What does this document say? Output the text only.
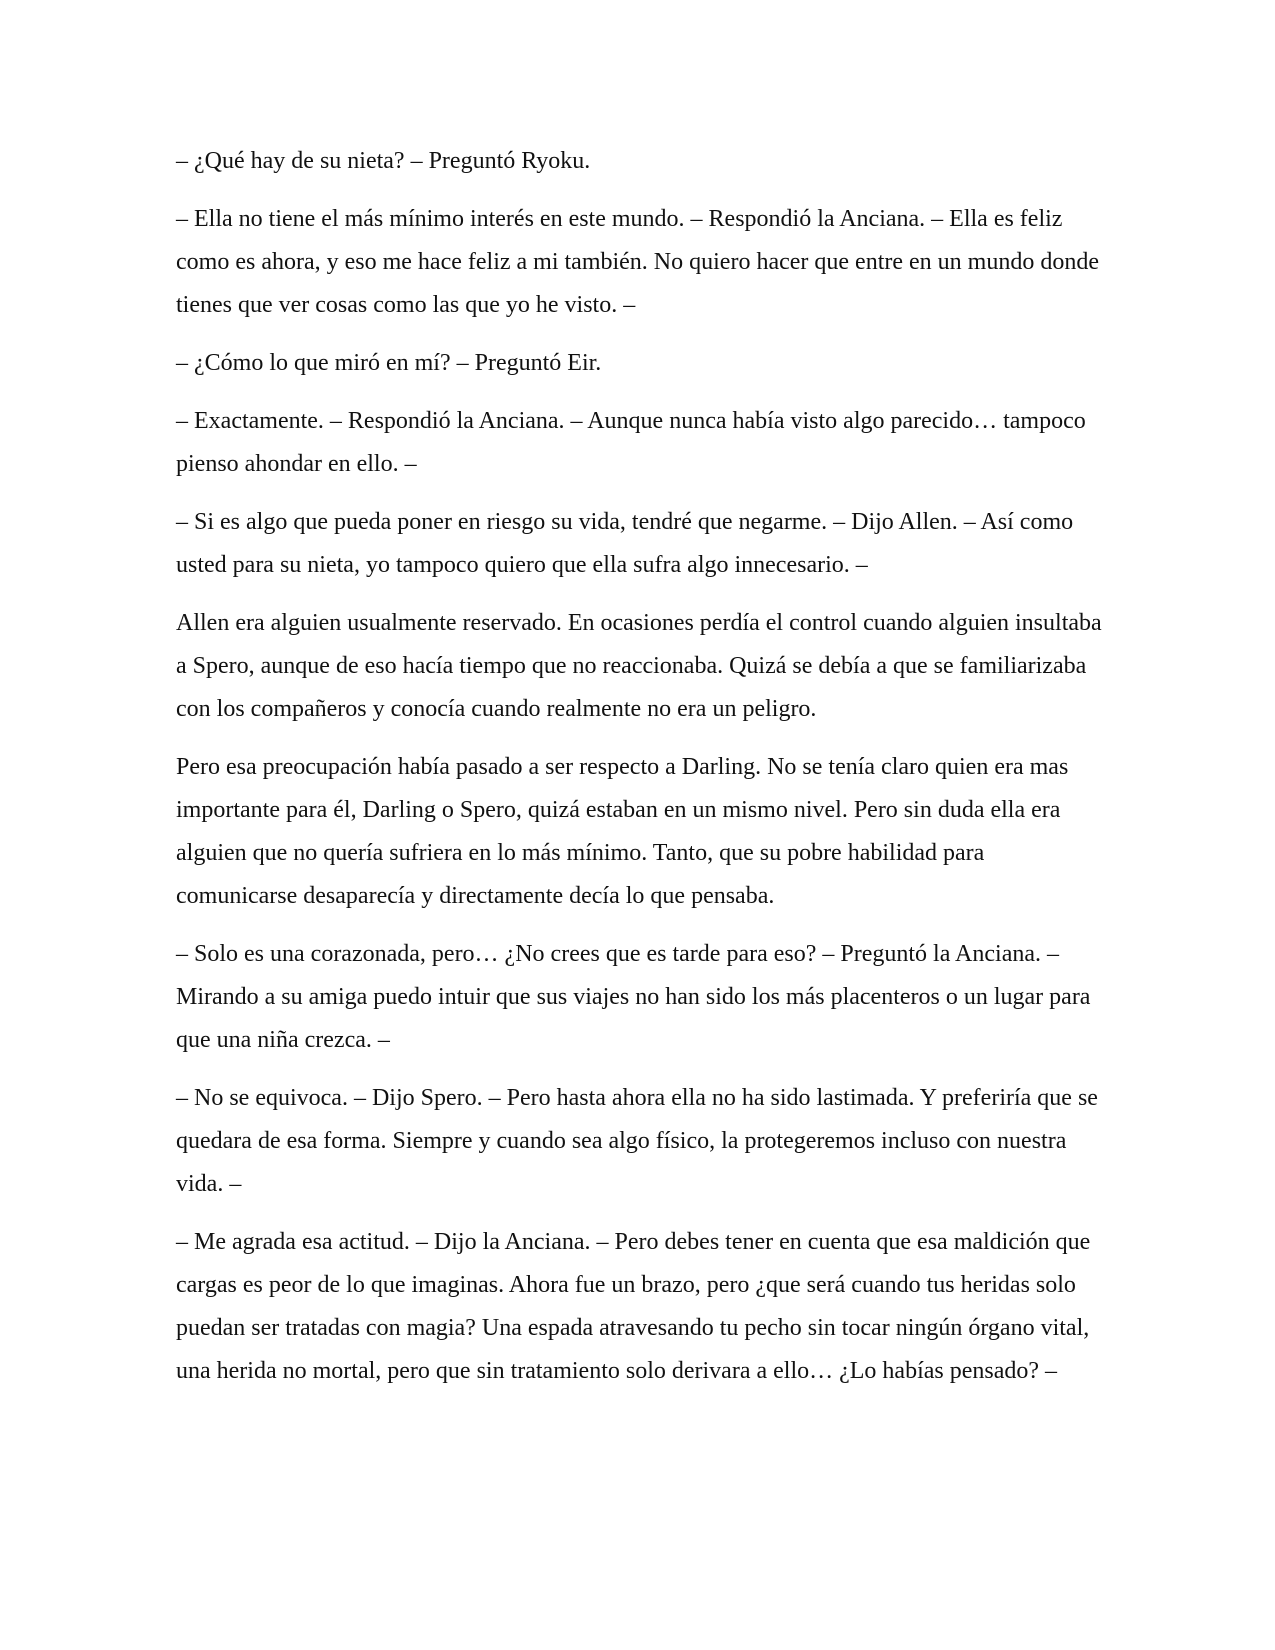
– ¿Qué hay de su nieta? – Preguntó Ryoku.

– Ella no tiene el más mínimo interés en este mundo. – Respondió la Anciana. – Ella es feliz como es ahora, y eso me hace feliz a mi también. No quiero hacer que entre en un mundo donde tienes que ver cosas como las que yo he visto. –

– ¿Cómo lo que miró en mí? – Preguntó Eir.

– Exactamente. – Respondió la Anciana. – Aunque nunca había visto algo parecido… tampoco pienso ahondar en ello. –

– Si es algo que pueda poner en riesgo su vida, tendré que negarme. – Dijo Allen. – Así como usted para su nieta, yo tampoco quiero que ella sufra algo innecesario. –

Allen era alguien usualmente reservado. En ocasiones perdía el control cuando alguien insultaba a Spero, aunque de eso hacía tiempo que no reaccionaba. Quizá se debía a que se familiarizaba con los compañeros y conocía cuando realmente no era un peligro.

Pero esa preocupación había pasado a ser respecto a Darling. No se tenía claro quien era mas importante para él, Darling o Spero, quizá estaban en un mismo nivel. Pero sin duda ella era alguien que no quería sufriera en lo más mínimo. Tanto, que su pobre habilidad para comunicarse desaparecía y directamente decía lo que pensaba.

– Solo es una corazonada, pero… ¿No crees que es tarde para eso? – Preguntó la Anciana. – Mirando a su amiga puedo intuir que sus viajes no han sido los más placenteros o un lugar para que una niña crezca. –

– No se equivoca. – Dijo Spero. – Pero hasta ahora ella no ha sido lastimada. Y preferiría que se quedara de esa forma. Siempre y cuando sea algo físico, la protegeremos incluso con nuestra vida. –

– Me agrada esa actitud. – Dijo la Anciana. – Pero debes tener en cuenta que esa maldición que cargas es peor de lo que imaginas. Ahora fue un brazo, pero ¿que será cuando tus heridas solo puedan ser tratadas con magia? Una espada atravesando tu pecho sin tocar ningún órgano vital, una herida no mortal, pero que sin tratamiento solo derivara a ello… ¿Lo habías pensado? –
